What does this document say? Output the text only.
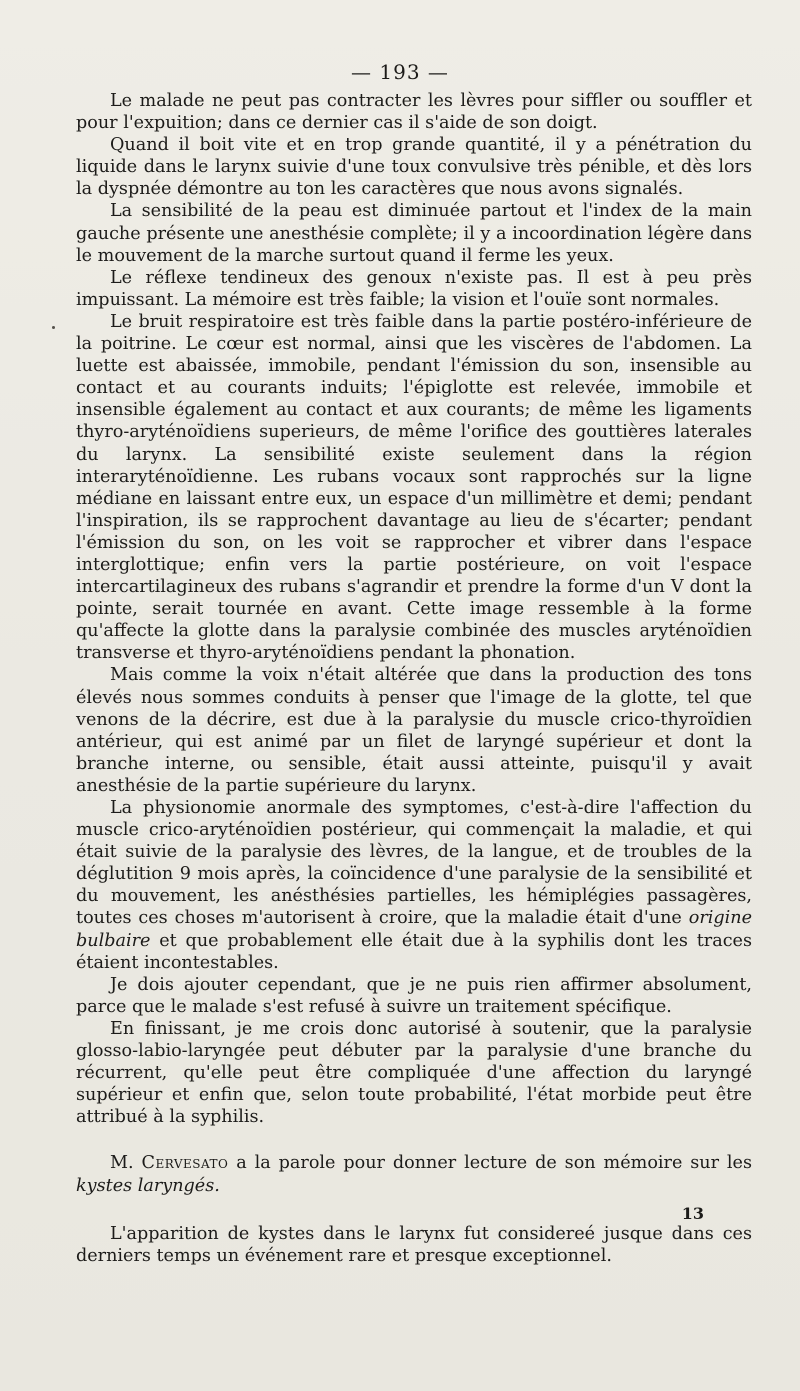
— 193 —

Le malade ne peut pas contracter les lèvres pour siffler ou souffler et pour l'expuition; dans ce dernier cas il s'aide de son doigt.

Quand il boit vite et en trop grande quantité, il y a pénétration du liquide dans le larynx suivie d'une toux convulsive très pénible, et dès lors la dyspnée démontre au ton les caractères que nous avons signalés.

La sensibilité de la peau est diminuée partout et l'index de la main gauche présente une anesthésie complète; il y a incoordination légère dans le mouvement de la marche surtout quand il ferme les yeux.

Le réflexe tendineux des genoux n'existe pas. Il est à peu près impuissant. La mémoire est très faible; la vision et l'ouïe sont normales.

Le bruit respiratoire est très faible dans la partie postéro-inférieure de la poitrine. Le cœur est normal, ainsi que les viscères de l'abdomen. La luette est abaissée, immobile, pendant l'émission du son, insensible au contact et au courants induits; l'épiglotte est relevée, immobile et insensible également au contact et aux courants; de même les ligaments thyro-aryténoïdiens superieurs, de même l'orifice des gouttières laterales du larynx. La sensibilité existe seulement dans la région interaryténoïdienne. Les rubans vocaux sont rapprochés sur la ligne médiane en laissant entre eux, un espace d'un millimètre et demi; pendant l'inspiration, ils se rapprochent davantage au lieu de s'écarter; pendant l'émission du son, on les voit se rapprocher et vibrer dans l'espace interglottique; enfin vers la partie postérieure, on voit l'espace intercartilagineux des rubans s'agrandir et prendre la forme d'un V dont la pointe, serait tournée en avant. Cette image ressemble à la forme qu'affecte la glotte dans la paralysie combinée des muscles aryténoïdien transverse et thyro-aryténoïdiens pendant la phonation.

Mais comme la voix n'était altérée que dans la production des tons élevés nous sommes conduits à penser que l'image de la glotte, tel que venons de la décrire, est due à la paralysie du muscle crico-thyroïdien antérieur, qui est animé par un filet de laryngé supérieur et dont la branche interne, ou sensible, était aussi atteinte, puisqu'il y avait anesthésie de la partie supérieure du larynx.

La physionomie anormale des symptomes, c'est-à-dire l'affection du muscle crico-aryténoïdien postérieur, qui commençait la maladie, et qui était suivie de la paralysie des lèvres, de la langue, et de troubles de la déglutition 9 mois après, la coïncidence d'une paralysie de la sensibilité et du mouvement, les anésthésies partielles, les hémiplégies passagères, toutes ces choses m'autorisent à croire, que la maladie était d'une origine bulbaire et que probablement elle était due à la syphilis dont les traces étaient incontestables.

Je dois ajouter cependant, que je ne puis rien affirmer absolument, parce que le malade s'est refusé à suivre un traitement spécifique.

En finissant, je me crois donc autorisé à soutenir, que la paralysie glosso-labio-laryngée peut débuter par la paralysie d'une branche du récurrent, qu'elle peut être compliquée d'une affection du laryngé supérieur et enfin que, selon toute probabilité, l'état morbide peut être attribué à la syphilis.

M. Cervesato a la parole pour donner lecture de son mémoire sur les kystes laryngés.

L'apparition de kystes dans le larynx fut considereé jusque dans ces derniers temps un événement rare et presque exceptionnel.

13
